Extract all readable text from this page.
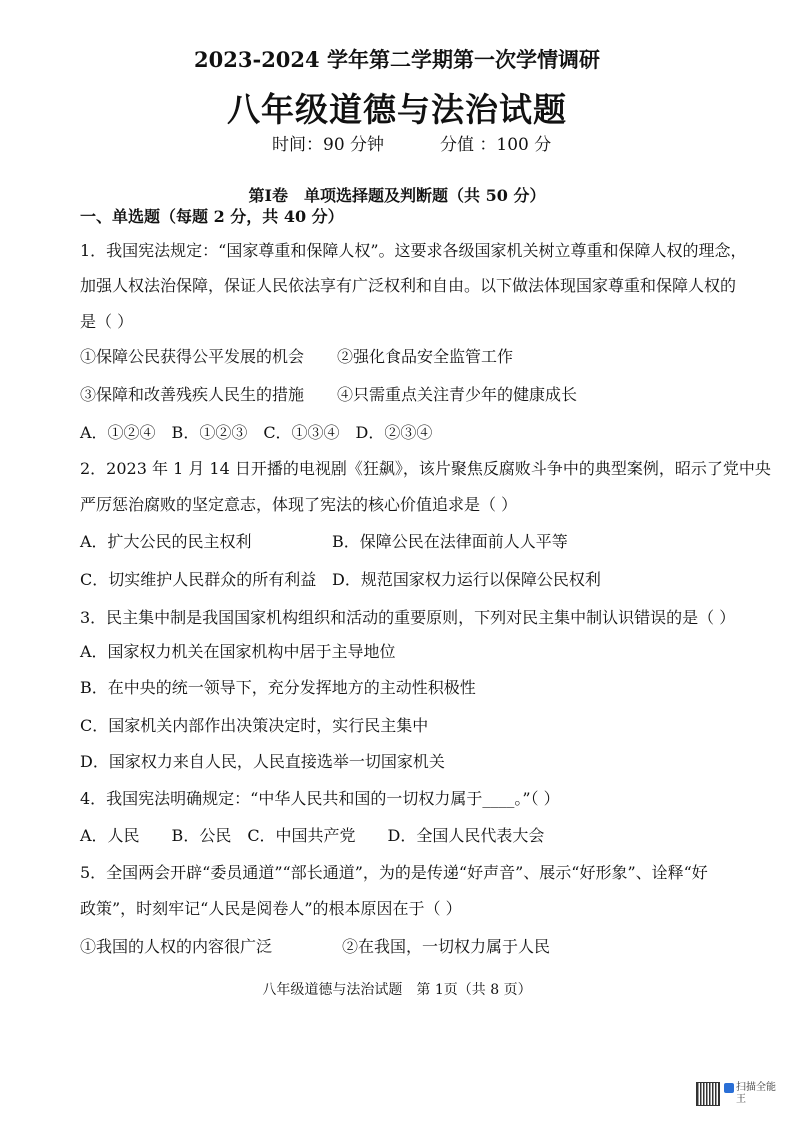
2023-2024 学年第二学期第一次学情调研
八年级道德与法治试题
时间：90 分钟	分值 ：100 分
第Ⅰ卷　单项选择题及判断题（共 50 分）
一、单选题（每题 2 分，共 40 分）
1．我国宪法规定：“国家尊重和保障人权”。这要求各级国家机关树立尊重和保障人权的理念，
加强人权法治保障，保证人民依法享有广泛权利和自由。以下做法体现国家尊重和保障人权的
是（ ）
①保障公民获得公平发展的机会 ②强化食品安全监管工作
③保障和改善残疾人民生的措施 ④只需重点关注青少年的健康成长
A．①②④　B．①②③　C．①③④　D．②③④
2．2023 年 1 月 14 日开播的电视剧《狂飙》，该片聚焦反腐败斗争中的典型案例，昭示了党中央
严厉惩治腐败的坚定意志，体现了宪法的核心价值追求是（ ）
A．扩大公民的民主权利	B．保障公民在法律面前人人平等
C．切实维护人民群众的所有利益 D．规范国家权力运行以保障公民权利
3．民主集中制是我国国家机构组织和活动的重要原则，下列对民主集中制认识错误的是（ ）
A．国家权力机关在国家机构中居于主导地位
B．在中央的统一领导下，充分发挥地方的主动性积极性
C．国家机关内部作出决策决定时，实行民主集中
D．国家权力来自人民，人民直接选举一切国家机关
4．我国宪法明确规定：“中华人民共和国的一切权力属于____。”（ ）
A．人民　　B．公民　C．中国共产党　　D．全国人民代表大会
5．全国两会开辟“委员通道”“部长通道”，为的是传递“好声音”、展示“好形象”、诠释“好
政策”，时刻牢记“人民是阅卷人”的根本原因在于（ ）
①我国的人权的内容很广泛	②在我国，一切权力属于人民
八年级道德与法治试题　第 1页（共 8 页）
扫描全能王
